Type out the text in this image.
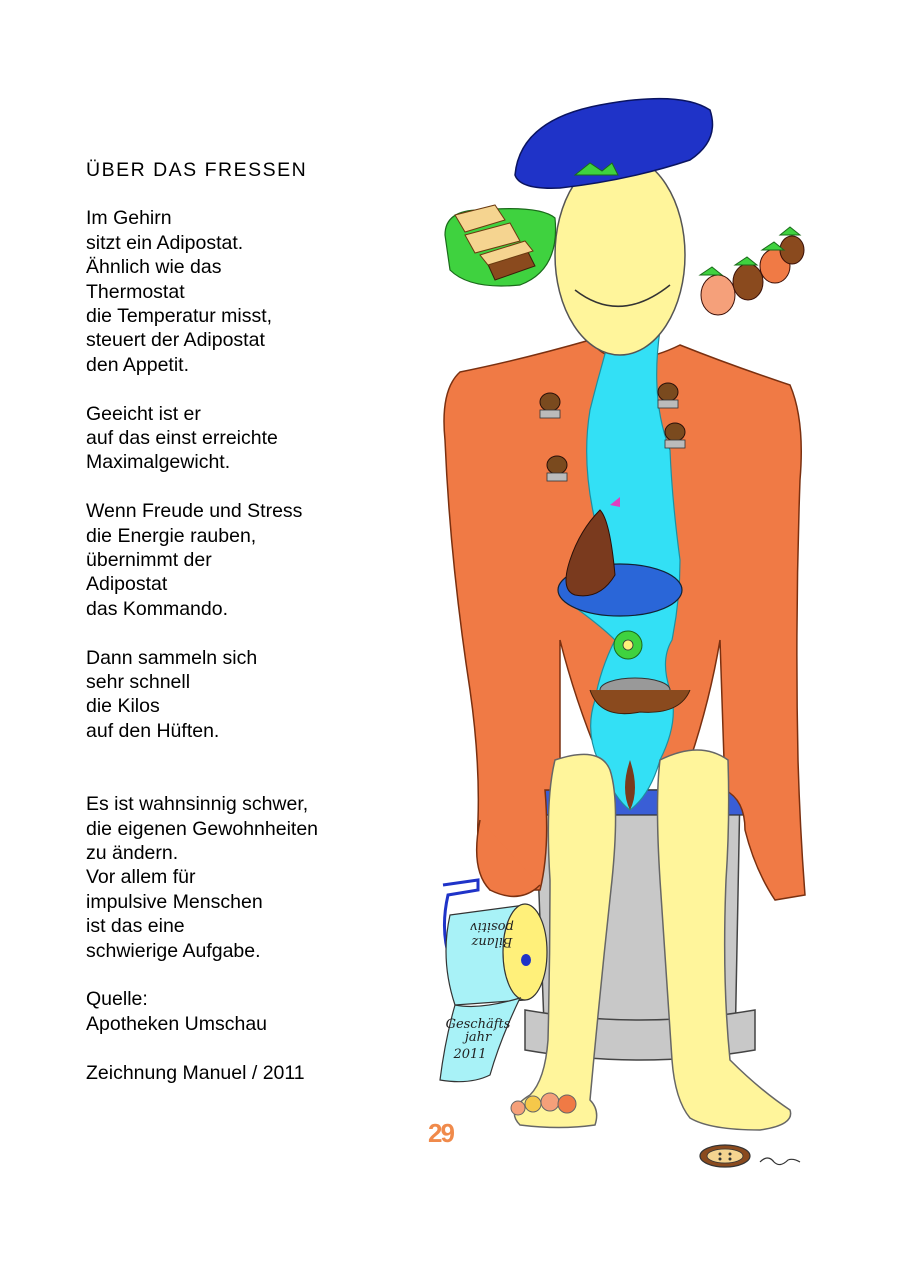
ÜBER DAS FRESSEN
Im Gehirn
sitzt ein Adipostat.
Ähnlich wie das
Thermostat
die Temperatur misst,
steuert der Adipostat
den Appetit.
Geeicht ist er
auf das einst erreichte
Maximalgewicht.
Wenn Freude und Stress
die Energie rauben,
übernimmt der
Adipostat
das Kommando.
Dann sammeln sich
sehr schnell
die Kilos
auf den Hüften.
Es ist wahnsinnig schwer,
die eigenen Gewohnheiten
zu ändern.
Vor allem für
impulsive Menschen
ist das eine
schwierige Aufgabe.
Quelle:
Apotheken Umschau
Zeichnung Manuel / 2011
Bilanz
positiv
Geschäfts
jahr
2011
29
